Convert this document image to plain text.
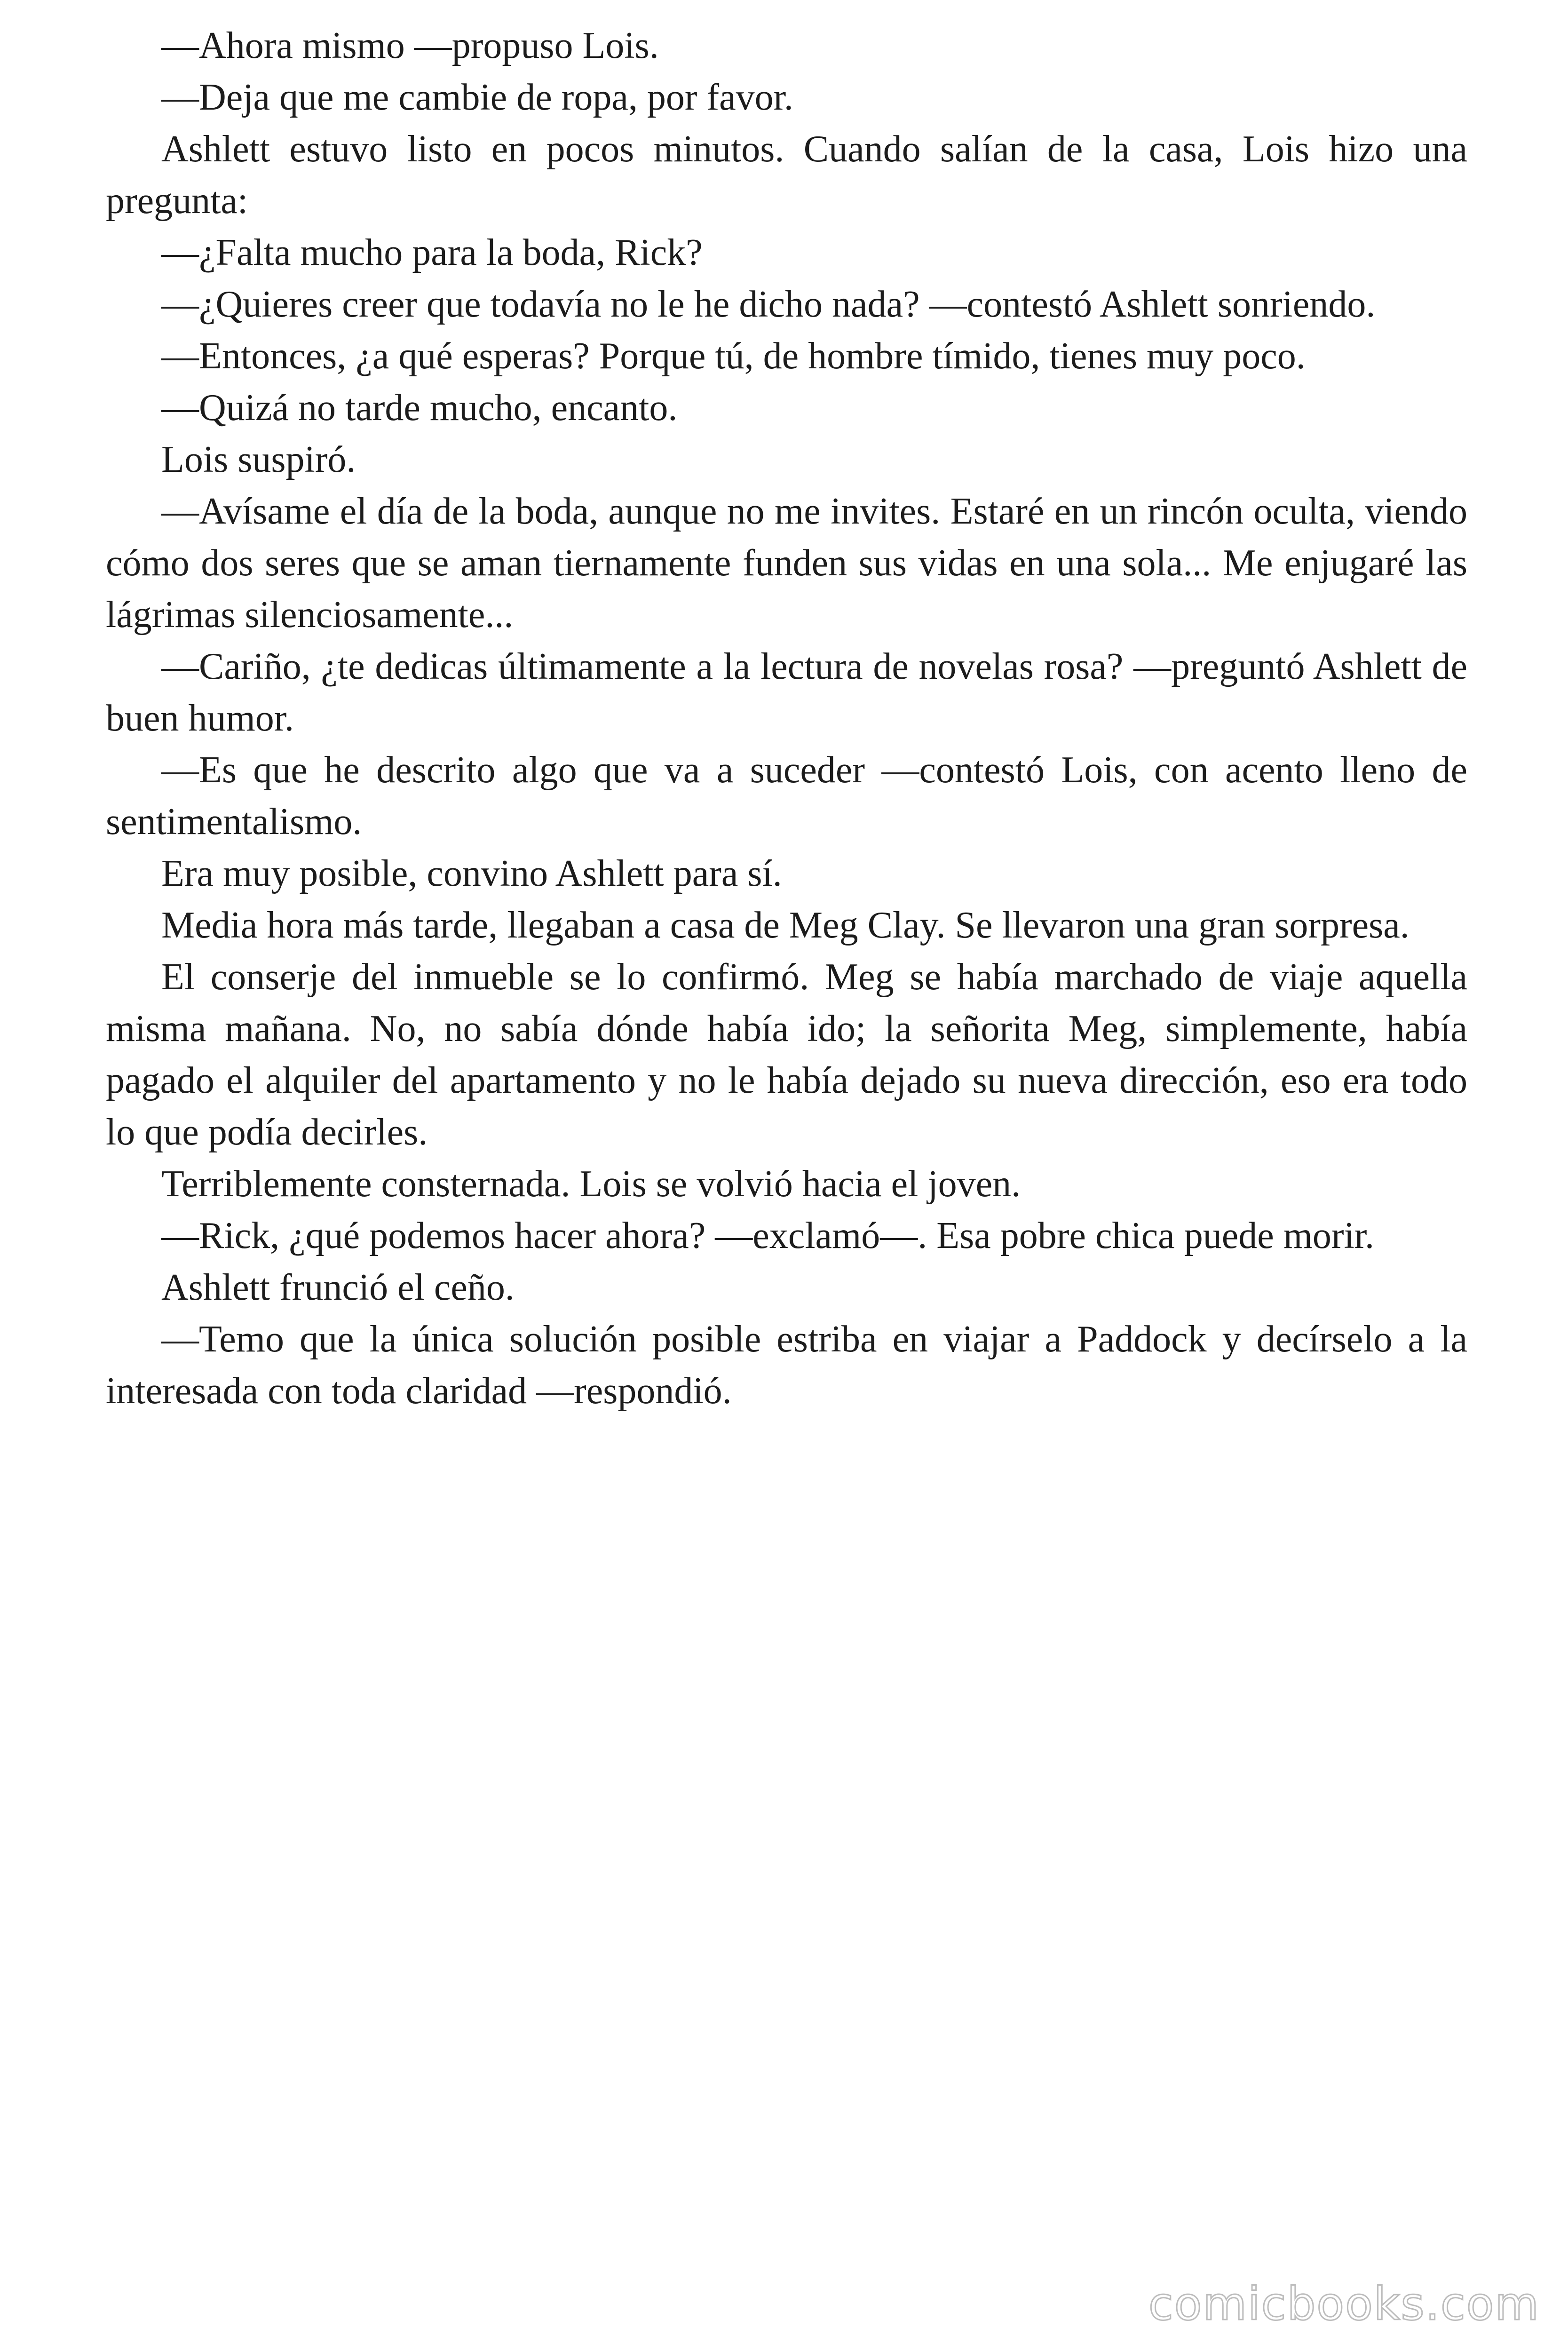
—Ahora mismo —propuso Lois.

—Deja que me cambie de ropa, por favor.

Ashlett estuvo listo en pocos minutos. Cuando salían de la casa, Lois hizo una pregunta:

—¿Falta mucho para la boda, Rick?

—¿Quieres creer que todavía no le he dicho nada? —contestó Ashlett sonriendo.

—Entonces, ¿a qué esperas? Porque tú, de hombre tímido, tienes muy poco.

—Quizá no tarde mucho, encanto.

Lois suspiró.

—Avísame el día de la boda, aunque no me invites. Estaré en un rincón oculta, viendo cómo dos seres que se aman tiernamente funden sus vidas en una sola... Me enjugaré las lágrimas silenciosamente...

—Cariño, ¿te dedicas últimamente a la lectura de novelas rosa? —preguntó Ashlett de buen humor.

—Es que he descrito algo que va a suceder —contestó Lois, con acento lleno de sentimentalismo.

Era muy posible, convino Ashlett para sí.

Media hora más tarde, llegaban a casa de Meg Clay. Se llevaron una gran sorpresa.

El conserje del inmueble se lo confirmó. Meg se había marchado de viaje aquella misma mañana. No, no sabía dónde había ido; la señorita Meg, simplemente, había pagado el alquiler del apartamento y no le había dejado su nueva dirección, eso era todo lo que podía decirles.

Terriblemente consternada. Lois se volvió hacia el joven.

—Rick, ¿qué podemos hacer ahora? —exclamó—. Esa pobre chica puede morir.

Ashlett frunció el ceño.

—Temo que la única solución posible estriba en viajar a Paddock y decírselo a la interesada con toda claridad —respondió.

comicbooks.com
